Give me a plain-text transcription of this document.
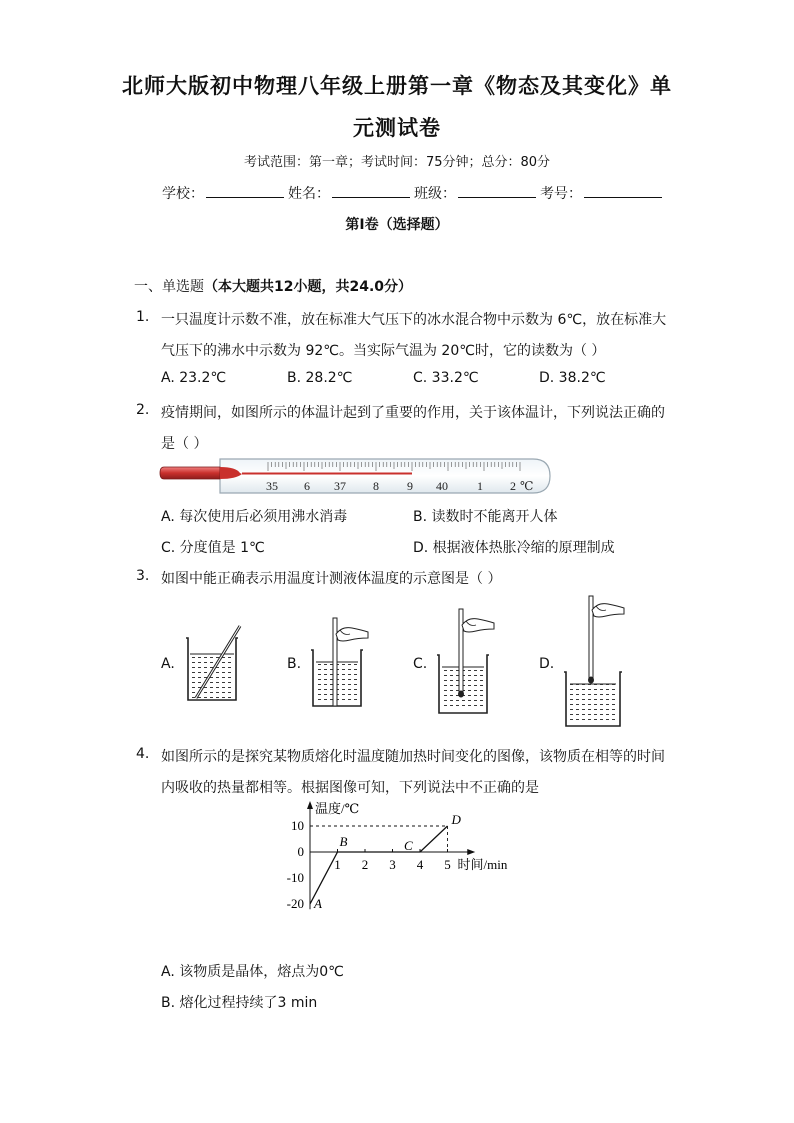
北师大版初中物理八年级上册第一章《物态及其变化》单
元测试卷
考试范围：第一章；考试时间：75分钟；总分：80分
学校：	姓名：	班级：	考号：
第I卷（选择题）
一、单选题（本大题共12小题，共24.0分）
1. 一只温度计示数不准，放在标准大气压下的冰水混合物中示数为 6℃，放在标准大
气压下的沸水中示数为 92℃。当实际气温为 20℃时，它的读数为（ ）
A. 23.2℃	B. 28.2℃	C. 33.2℃	D. 38.2℃
2. 疫情期间，如图所示的体温计起到了重要的作用，关于该体温计，下列说法正确的
是（ ）
35 6 37 8 9 40 1 2 ℃
A. 每次使用后必须用沸水消毒	B. 读数时不能离开人体
C. 分度值是 1℃	D. 根据液体热胀冷缩的原理制成
3. 如图中能正确表示用温度计测液体温度的示意图是（ ）
A.	B.	C.	D.
4. 如图所示的是探究某物质熔化时温度随加热时间变化的图像，该物质在相等的时间
内吸收的热量都相等。根据图像可知，下列说法中不正确的是
温度/℃
时间/min
10
0
-10
-20
1 2 3 4 5
A
B	C
D
A. 该物质是晶体，熔点为0℃
B. 熔化过程持续了3 min
